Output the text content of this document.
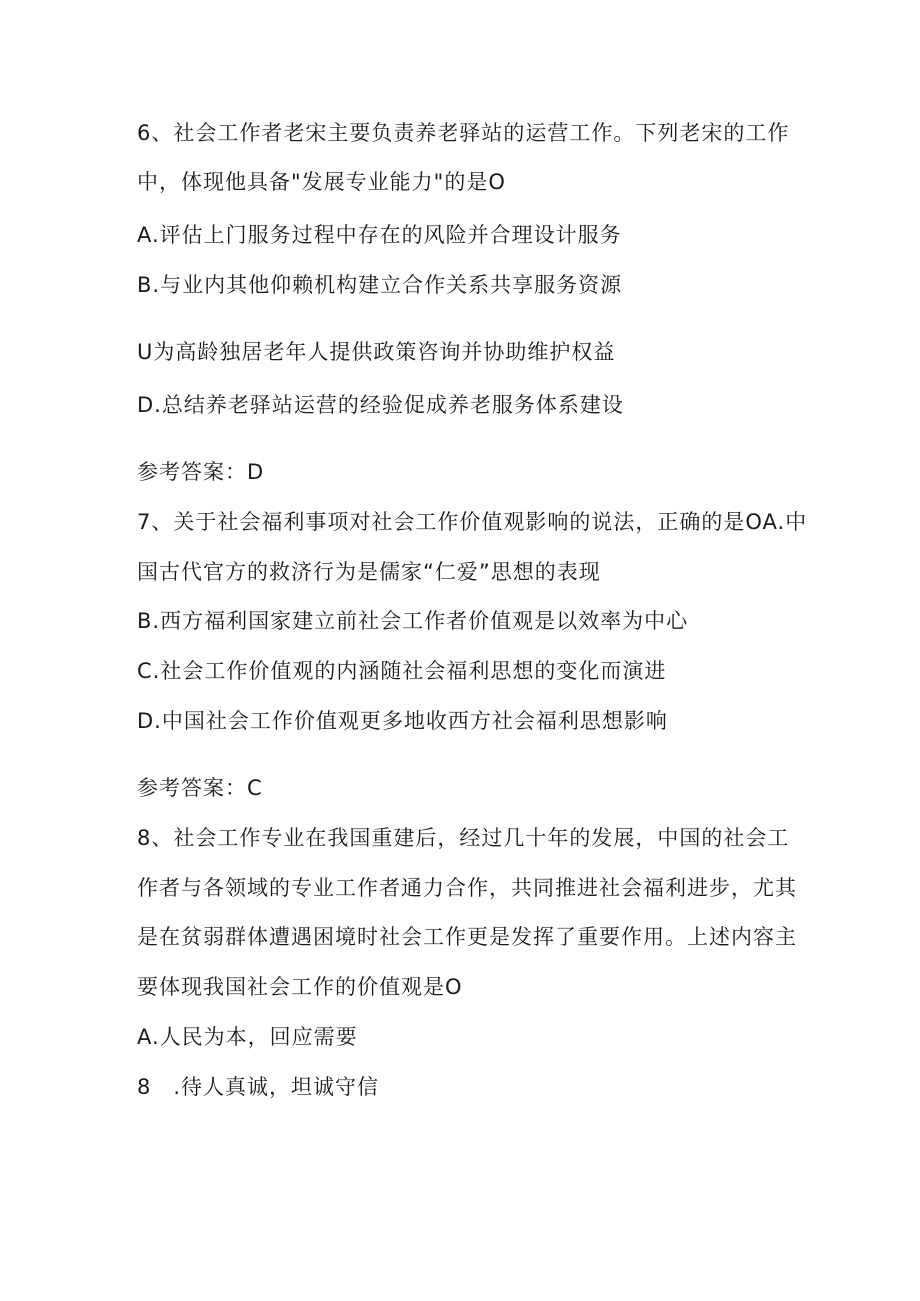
6、社会工作者老宋主要负责养老驿站的运营工作。下列老宋的工作

中，体现他具备"发展专业能力"的是O

A.评估上门服务过程中存在的风险并合理设计服务

B.与业内其他仰赖机构建立合作关系共享服务资源

U为高龄独居老年人提供政策咨询并协助维护权益

D.总结养老驿站运营的经验促成养老服务体系建设

参考答案：D

7、关于社会福利事项对社会工作价值观影响的说法，正确的是OA.中

国古代官方的救济行为是儒家“仁爱”思想的表现

B.西方福利国家建立前社会工作者价值观是以效率为中心

C.社会工作价值观的内涵随社会福利思想的变化而演进

D.中国社会工作价值观更多地收西方社会福利思想影响

参考答案：C

8、社会工作专业在我国重建后，经过几十年的发展，中国的社会工

作者与各领域的专业工作者通力合作，共同推进社会福利进步，尤其

是在贫弱群体遭遇困境时社会工作更是发挥了重要作用。上述内容主

要体现我国社会工作的价值观是O

A.人民为本，回应需要

8 .待人真诚，坦诚守信
